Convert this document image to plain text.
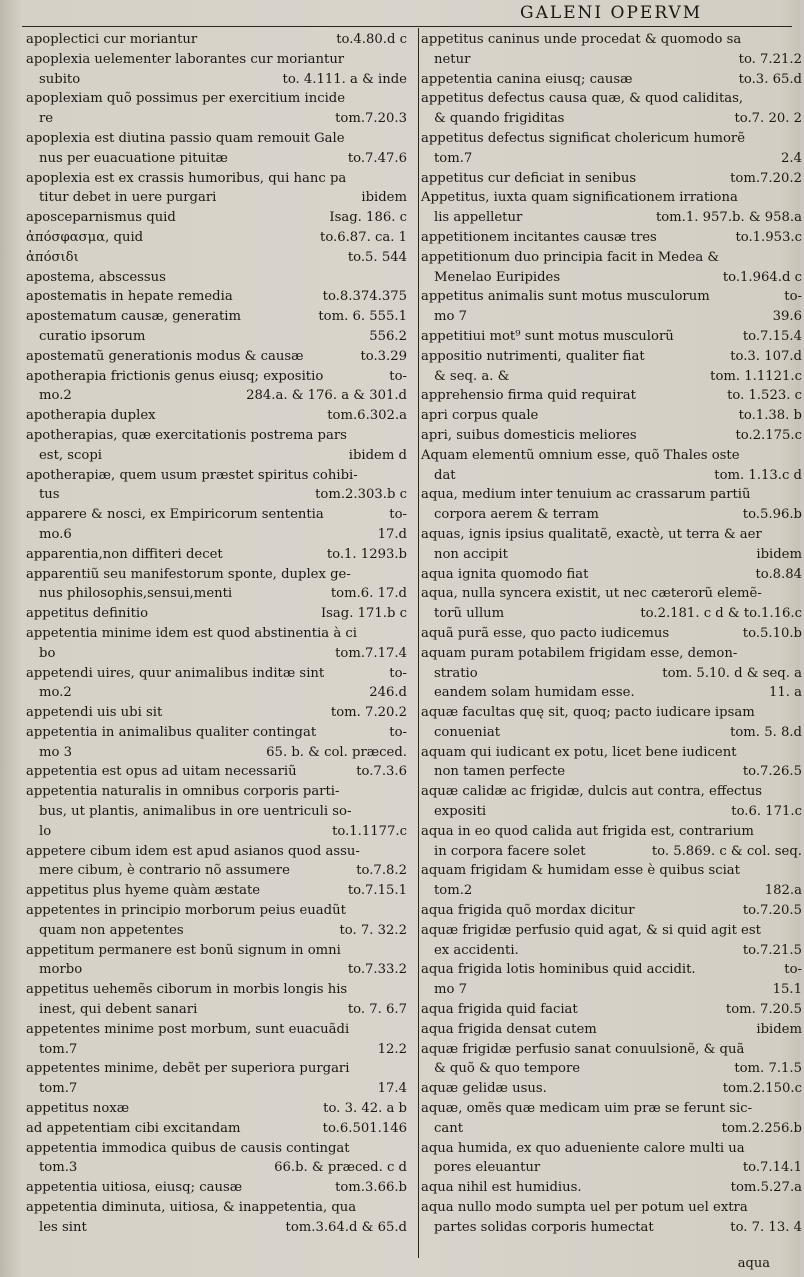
GALENI OPERVM
apoplectici cur moriantur	to.4.80.d c
apoplexia uelementer laborantes cur moriantur
subito	to. 4.111. a & inde
apoplexiam quõ possimus per exercitium incide
re	tom.7.20.3
apoplexia est diutina passio quam remouit Gale
nus per euacuatione pituitæ	to.7.47.6
apoplexia est ex crassis humoribus, qui hanc pa
titur debet in uere purgari	ibidem
aposceparnismus quid	Isag. 186. c
ἀπόσφασμα, quid	to.6.87. ca. 1
ἀπόσιδι	to.5. 544
apostema, abscessus
apostematis in hepate remedia	to.8.374.375
apostematum causæ, generatim	tom. 6. 555.1
curatio ipsorum	556.2
apostematũ generationis modus & causæ	to.3.29
apotherapia frictionis genus eiusq; expositio	to-
mo.2	284.a. & 176. a & 301.d
apotherapia duplex	tom.6.302.a
apotherapias, quæ exercitationis postrema pars
est, scopi	ibidem d
apotherapiæ, quem usum præstet spiritus cohibi-
tus	tom.2.303.b c
apparere & nosci, ex Empiricorum sententia	to-
mo.6	17.d
apparentia,non diffiteri decet	to.1. 1293.b
apparentiũ seu manifestorum sponte, duplex ge-
nus philosophis,sensui,menti	tom.6. 17.d
appetitus definitio	Isag. 171.b c
appetentia minime idem est quod abstinentia à ci
bo	tom.7.17.4
appetendi uires, quur animalibus inditæ sint	to-
mo.2	246.d
appetendi uis ubi sit	tom. 7.20.2
appetentia in animalibus qualiter contingat	to-
mo 3	65. b. & col. præced.
appetentia est opus ad uitam necessariũ	to.7.3.6
appetentia naturalis in omnibus corporis parti-
bus, ut plantis, animalibus in ore uentriculi so-
lo	to.1.1177.c
appetere cibum idem est apud asianos quod assu-
mere cibum, è contrario nõ assumere	to.7.8.2
appetitus plus hyeme quàm æstate	to.7.15.1
appetentes in principio morborum peius euadũt
quam non appetentes	to. 7. 32.2
appetitum permanere est bonũ signum in omni
morbo	to.7.33.2
appetitus uehemẽs ciborum in morbis longis his
inest, qui debent sanari	to. 7. 6.7
appetentes minime post morbum, sunt euacuãdi
tom.7	12.2
appetentes minime, debẽt per superiora purgari
tom.7	17.4
appetitus noxæ	to. 3. 42. a b
ad appetentiam cibi excitandam	to.6.501.146
appetentia immodica quibus de causis contingat
tom.3	66.b. & præced. c d
appetentia uitiosa, eiusq; causæ	tom.3.66.b
appetentia diminuta, uitiosa, & inappetentia, qua
les sint	tom.3.64.d & 65.d
appetitus caninus unde procedat & quomodo sa
netur	to. 7.21.2
appetentia canina eiusq; causæ	to.3. 65.d
appetitus defectus causa quæ, & quod caliditas,
& quando frigiditas	to.7. 20. 2
appetitus defectus significat cholericum humorẽ
tom.7	2.4
appetitus cur deficiat in senibus	tom.7.20.2
Appetitus, iuxta quam significationem irrationa
lis appelletur	tom.1. 957.b. & 958.a
appetitionem incitantes causæ tres	to.1.953.c
appetitionum duo principia facit in Medea &
Menelao Euripides	to.1.964.d c
appetitus animalis sunt motus musculorum	to-
mo 7	39.6
appetitiui mot⁹ sunt motus musculorũ	to.7.15.4
appositio nutrimenti, qualiter fiat	to.3. 107.d
& seq. a. &	tom. 1.1121.c
apprehensio firma quid requirat	to. 1.523. c
apri corpus quale	to.1.38. b
apri, suibus domesticis meliores	to.2.175.c
Aquam elementũ omnium esse, quõ Thales oste
dat	tom. 1.13.c d
aqua, medium inter tenuium ac crassarum partiũ
corpora aerem & terram	to.5.96.b
aquas, ignis ipsius qualitatẽ, exactè, ut terra & aer
non accipit	ibidem
aqua ignita quomodo fiat	to.8.84
aqua, nulla syncera existit, ut nec cæterorũ elemẽ-
torũ ullum	to.2.181. c d & to.1.16.c
aquã purã esse, quo pacto iudicemus	to.5.10.b
aquam puram potabilem frigidam esse, demon-
stratio	tom. 5.10. d & seq. a
eandem solam humidam esse.	11. a
aquæ facultas quę sit, quoq; pacto iudicare ipsam
conueniat	tom. 5. 8.d
aquam qui iudicant ex potu, licet bene iudicent
non tamen perfecte	to.7.26.5
aquæ calidæ ac frigidæ, dulcis aut contra, effectus
expositi	to.6. 171.c
aqua in eo quod calida aut frigida est, contrarium
in corpora facere solet	to. 5.869. c & col. seq.
aquam frigidam & humidam esse è quibus sciat
tom.2	182.a
aqua frigida quõ mordax dicitur	to.7.20.5
aquæ frigidæ perfusio quid agat, & si quid agit est
ex accidenti.	to.7.21.5
aqua frigida lotis hominibus quid accidit.	to-
mo 7	15.1
aqua frigida quid faciat	tom. 7.20.5
aqua frigida densat cutem	ibidem
aquæ frigidæ perfusio sanat conuulsionẽ, & quã
& quõ & quo tempore	tom. 7.1.5
aquæ gelidæ usus.	tom.2.150.c
aquæ, omẽs quæ medicam uim præ se ferunt sic-
cant	tom.2.256.b
aqua humida, ex quo adueniente calore multi ua
pores eleuantur	to.7.14.1
aqua nihil est humidius.	tom.5.27.a
aqua nullo modo sumpta uel per potum uel extra
partes solidas corporis humectat	to. 7. 13. 4
aqua
